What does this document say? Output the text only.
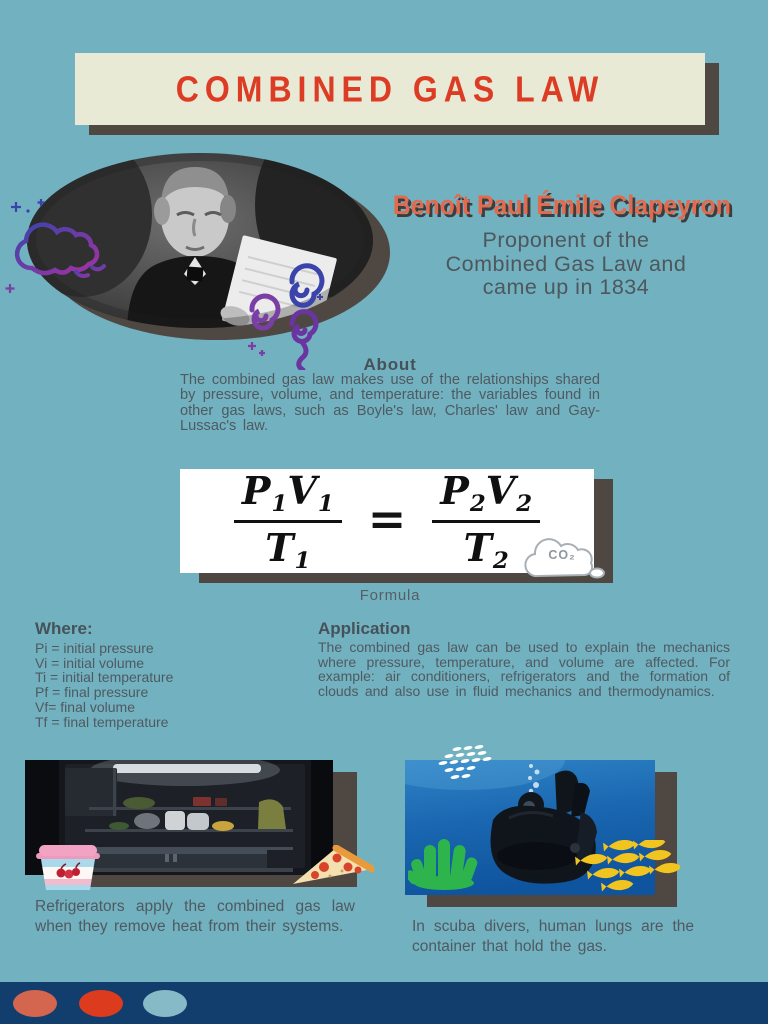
COMBINED GAS LAW
Benoît Paul Émile Clapeyron
Proponent of the
Combined Gas Law and
came up in 1834
About
The combined gas law makes use of the relationships shared by pressure, volume, and temperature: the variables found in other gas laws, such as Boyle's law, Charles' law and Gay-Lussac's law.
$\frac{P_1V_1}{T_1} = \frac{P_2V_2}{T_2} CO_2$
Formula
Where:
Pi = initial pressure
Vi = initial volume
Ti = initial temperature
Pf = final pressure
Vf= final volume
Tf = final temperature
Application
The combined gas law can be used to explain the mechanics where pressure, temperature, and volume are affected. For example: air conditioners, refrigerators and the formation of clouds and also use in fluid mechanics and thermodynamics.
Refrigerators apply the combined gas law when they remove heat from their systems.	In scuba divers, human lungs are the container that hold the gas.
